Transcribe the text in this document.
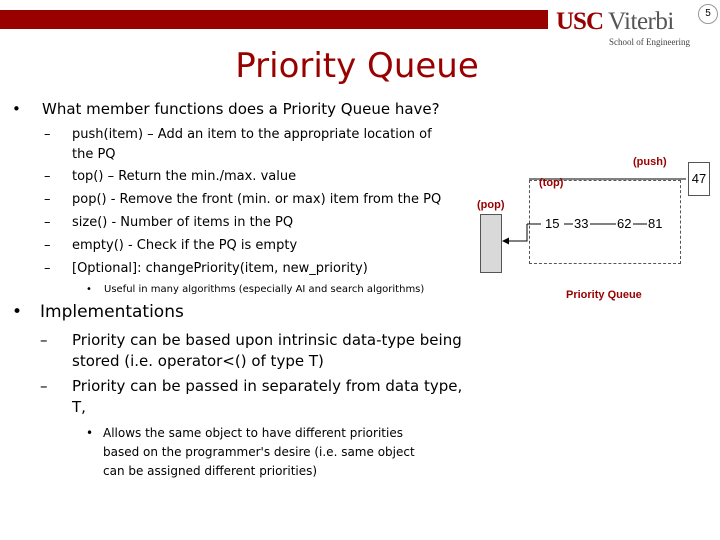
USC Viterbi
School of Engineering
5
Priority Queue
• What member functions does a Priority Queue have?
– push(item) – Add an item to the appropriate location of
the PQ
– top() – Return the min./max. value
– pop() - Remove the front (min. or max) item from the PQ
– size() - Number of items in the PQ
– empty() - Check if the PQ is empty
– [Optional]: changePriority(item, new_priority)
• Useful in many algorithms (especially AI and search algorithms)
• Implementations
– Priority can be based upon intrinsic data-type being
stored (i.e. operator<() of type T)
– Priority can be passed in separately from data type,
T,
• Allows the same object to have different priorities
based on the programmer's desire (i.e. same object
can be assigned different priorities)
(push)
(top)
(pop)
47
15 33 62 81
Priority Queue
